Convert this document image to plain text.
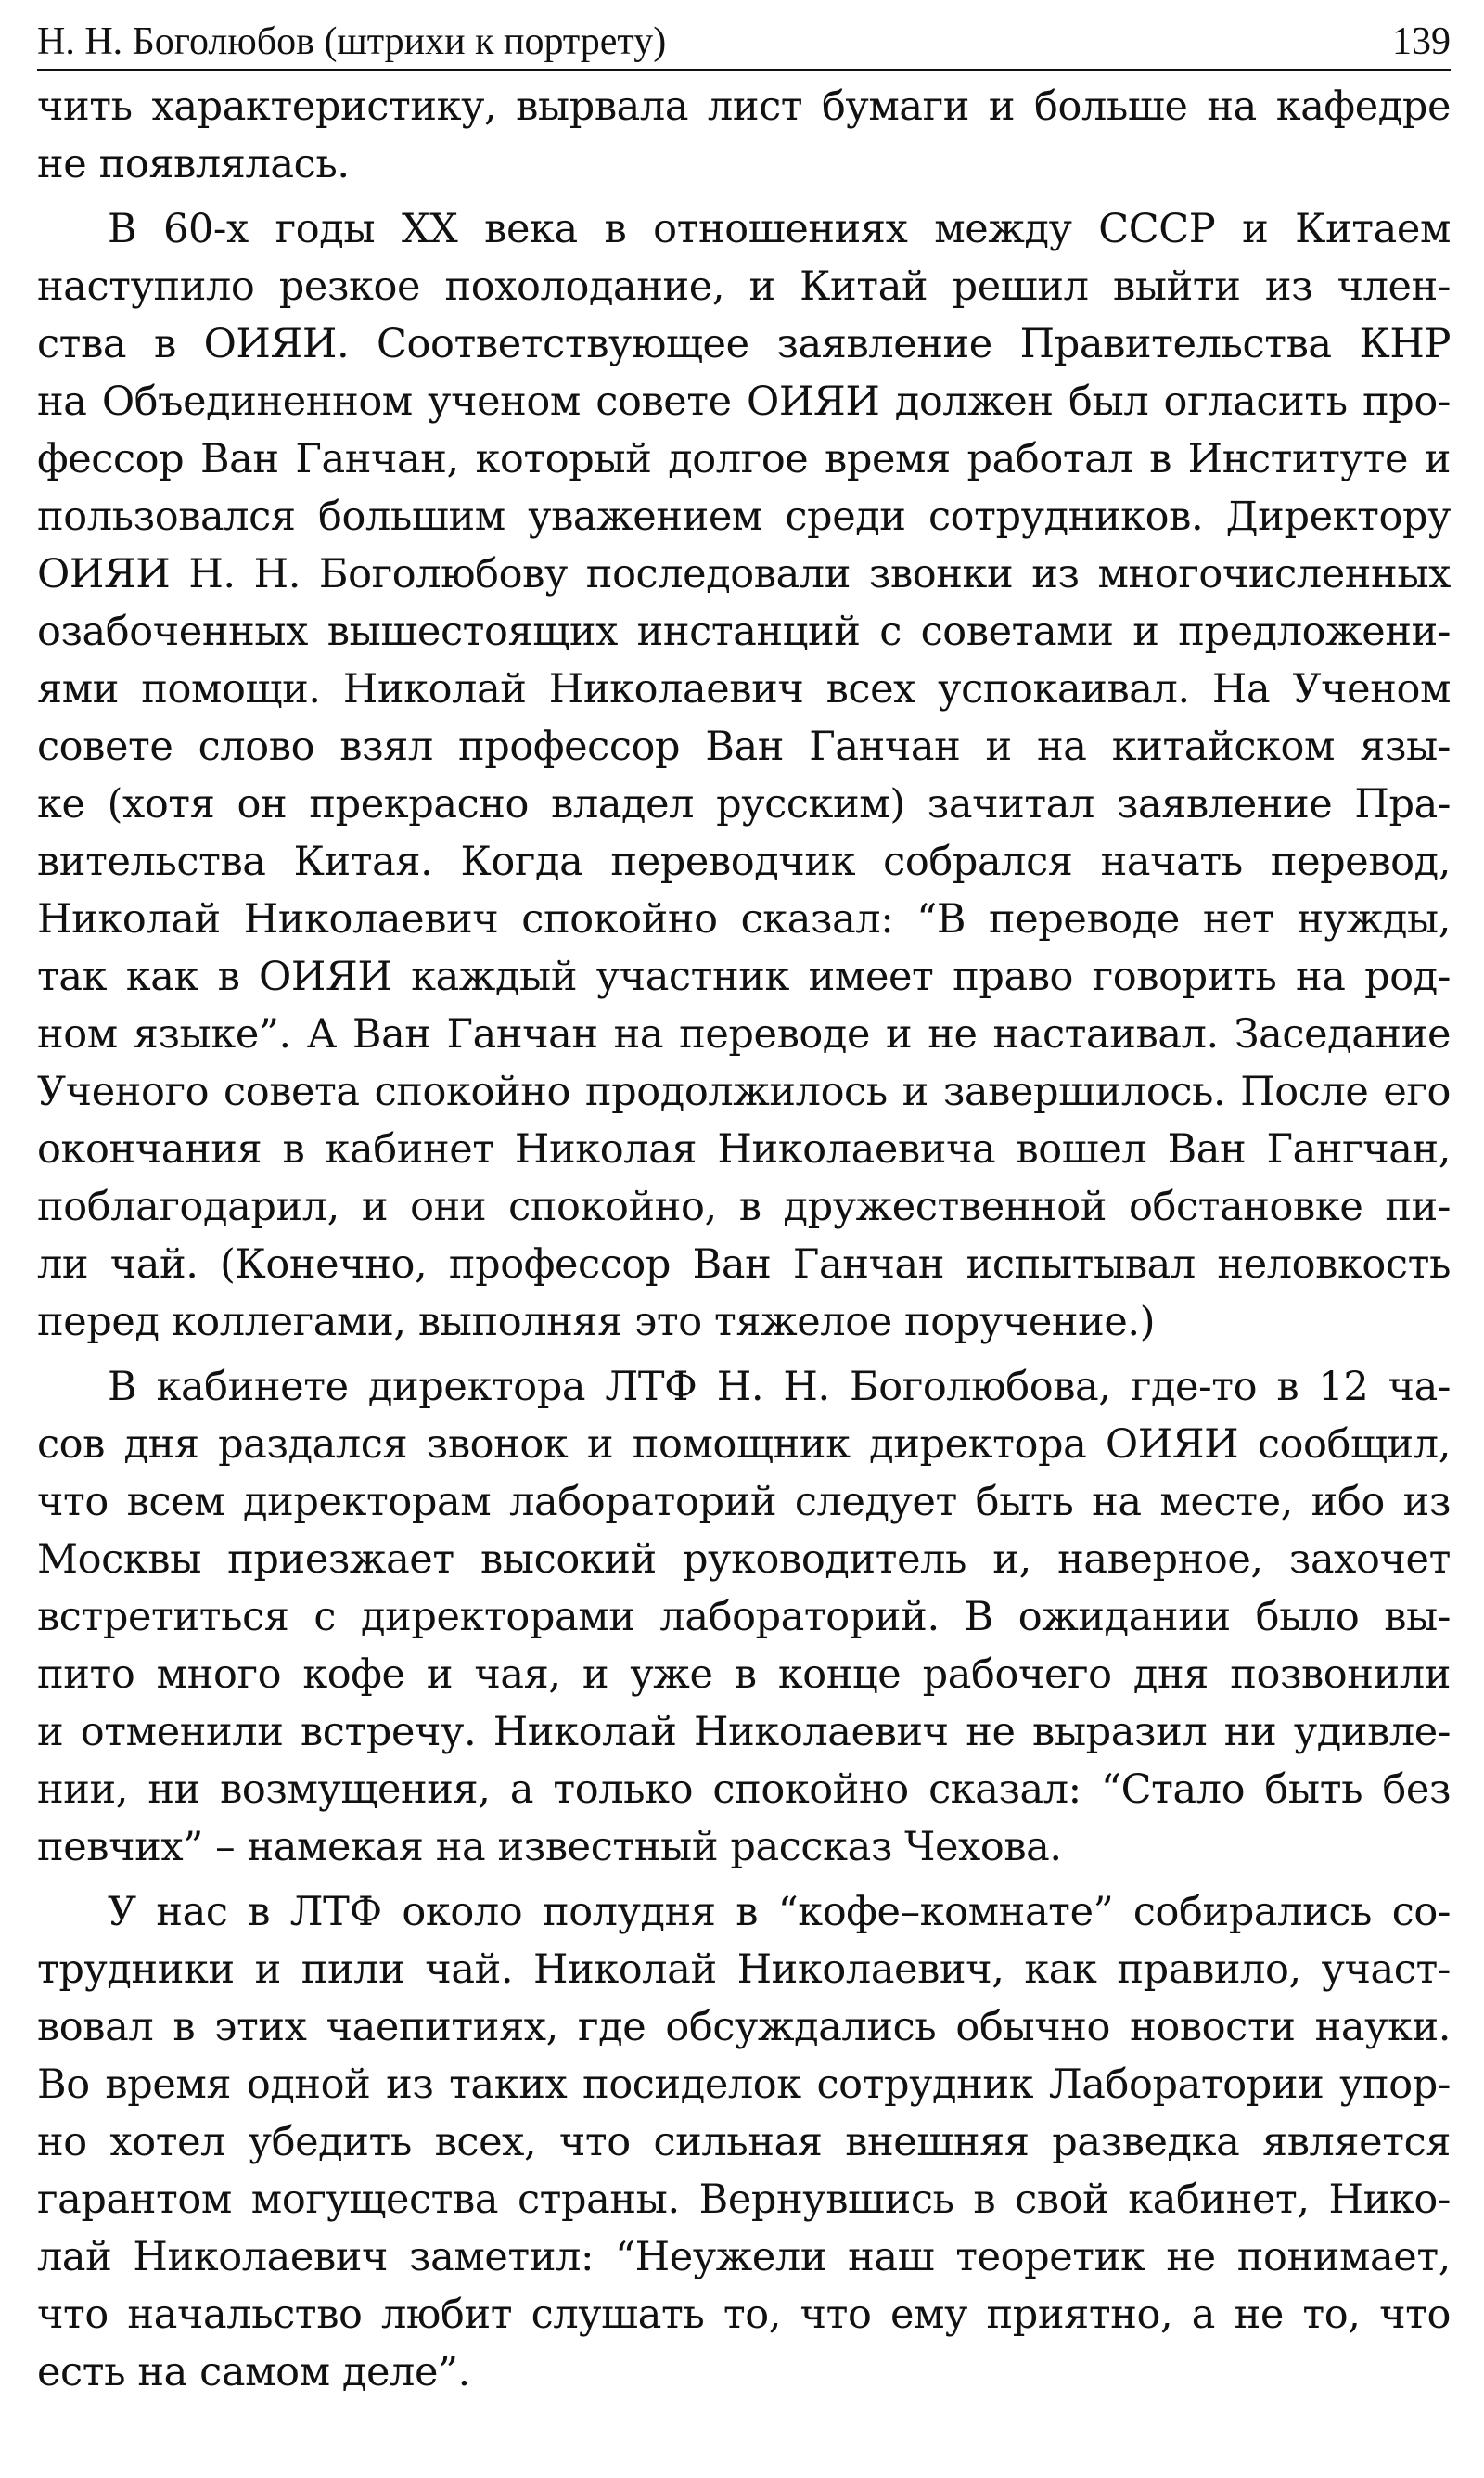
Н. Н. Боголюбов (штрихи к портрету)	139
чить характеристику, вырвала лист бумаги и больше на кафедре
не появлялась.
В 60-х годы XX века в отношениях между СССР и Китаем
наступило резкое похолодание, и Китай решил выйти из член-
ства в ОИЯИ. Соответствующее заявление Правительства КНР
на Объединенном ученом совете ОИЯИ должен был огласить про-
фессор Ван Ганчан, который долгое время работал в Институте и
пользовался большим уважением среди сотрудников. Директору
ОИЯИ Н. Н. Боголюбову последовали звонки из многочисленных
озабоченных вышестоящих инстанций с советами и предложени-
ями помощи. Николай Николаевич всех успокаивал. На Ученом
совете слово взял профессор Ван Ганчан и на китайском язы-
ке (хотя он прекрасно владел русским) зачитал заявление Пра-
вительства Китая. Когда переводчик собрался начать перевод,
Николай Николаевич спокойно сказал: “В переводе нет нужды,
так как в ОИЯИ каждый участник имеет право говорить на род-
ном языке”. А Ван Ганчан на переводе и не настаивал. Заседание
Ученого совета спокойно продолжилось и завершилось. После его
окончания в кабинет Николая Николаевича вошел Ван Гангчан,
поблагодарил, и они спокойно, в дружественной обстановке пи-
ли чай. (Конечно, профессор Ван Ганчан испытывал неловкость
перед коллегами, выполняя это тяжелое поручение.)
В кабинете директора ЛТФ Н. Н. Боголюбова, где-то в 12 ча-
сов дня раздался звонок и помощник директора ОИЯИ сообщил,
что всем директорам лабораторий следует быть на месте, ибо из
Москвы приезжает высокий руководитель и, наверное, захочет
встретиться с директорами лабораторий. В ожидании было вы-
пито много кофе и чая, и уже в конце рабочего дня позвонили
и отменили встречу. Николай Николаевич не выразил ни удивле-
нии, ни возмущения, а только спокойно сказал: “Стало быть без
певчих” – намекая на известный рассказ Чехова.
У нас в ЛТФ около полудня в “кофе–комнате” собирались со-
трудники и пили чай. Николай Николаевич, как правило, участ-
вовал в этих чаепитиях, где обсуждались обычно новости науки.
Во время одной из таких посиделок сотрудник Лаборатории упор-
но хотел убедить всех, что сильная внешняя разведка является
гарантом могущества страны. Вернувшись в свой кабинет, Нико-
лай Николаевич заметил: “Неужели наш теоретик не понимает,
что начальство любит слушать то, что ему приятно, а не то, что
есть на самом деле”.
